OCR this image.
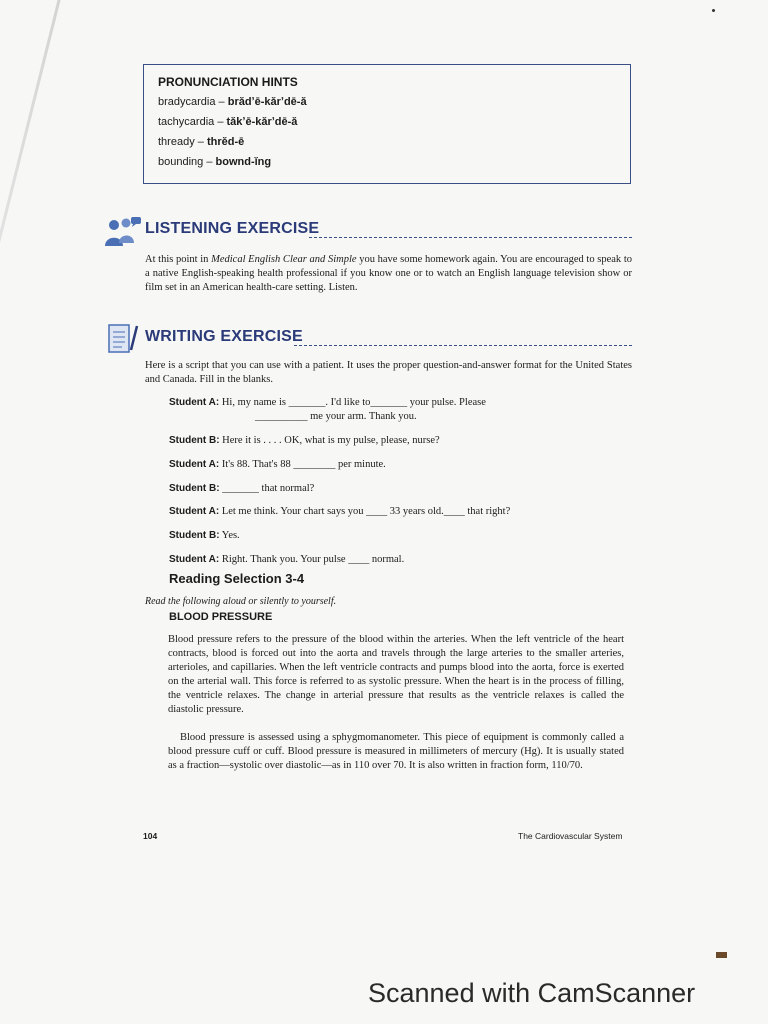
PRONUNCIATION HINTS
bradycardia – brădʼē-kărʼdē-ă
tachycardia – tăkʼē-kărʼdē-ă
thready – thrĕd-ē
bounding – bownd-ĭng
LISTENING EXERCISE
At this point in Medical English Clear and Simple you have some homework again. You are encouraged to speak to a native English-speaking health professional if you know one or to watch an English language television show or film set in an American health-care setting. Listen.
WRITING EXERCISE
Here is a script that you can use with a patient. It uses the proper question-and-answer format for the United States and Canada. Fill in the blanks.
Student A: Hi, my name is _______. I'd like to_______ your pulse. Please
__________ me your arm. Thank you.
Student B: Here it is . . . . OK, what is my pulse, please, nurse?
Student A: It's 88. That's 88 ________ per minute.
Student B: _______ that normal?
Student A: Let me think. Your chart says you ____ 33 years old.____ that right?
Student B: Yes.
Student A: Right. Thank you. Your pulse ____ normal.
Reading Selection 3-4
Read the following aloud or silently to yourself.
BLOOD PRESSURE
Blood pressure refers to the pressure of the blood within the arteries. When the left ventricle of the heart contracts, blood is forced out into the aorta and travels through the large arteries to the smaller arteries, arterioles, and capillaries. When the left ventricle contracts and pumps blood into the aorta, force is exerted on the arterial wall. This force is referred to as systolic pressure. When the heart is in the process of filling, the ventricle relaxes. The change in arterial pressure that results as the ventricle relaxes is called the diastolic pressure.
Blood pressure is assessed using a sphygmomanometer. This piece of equipment is commonly called a blood pressure cuff or cuff. Blood pressure is measured in millimeters of mercury (Hg). It is usually stated as a fraction—systolic over diastolic—as in 110 over 70. It is also written in fraction form, 110/70.
104	The Cardiovascular System
Scanned with CamScanner
